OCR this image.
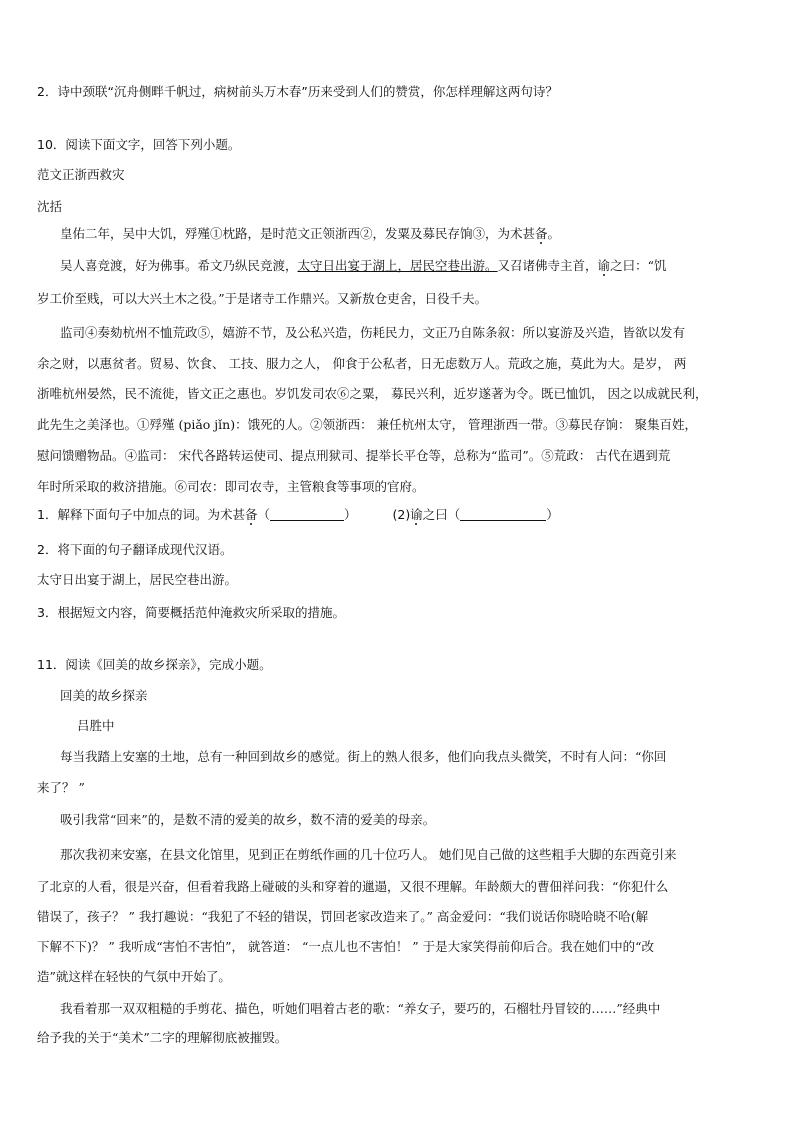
2．诗中颈联“沉舟侧畔千帆过，病树前头万木春”历来受到人们的赞赏，你怎样理解这两句诗？
10．阅读下面文字，回答下列小题。
范文正浙西救灾
沈括
皇佑二年，吴中大饥，殍殣①枕路，是时范文正领浙西②，发粟及募民存饷③，为术甚备。
吴人喜竞渡，好为佛事。希文乃纵民竞渡，太守日出宴于湖上，居民空巷出游。又召诸佛寺主首，谕之曰：“饥
岁工价至贱，可以大兴土木之役。”于是诸寺工作鼎兴。又新敖仓吏舍，日役千夫。
监司④奏劾杭州不恤荒政⑤，嬉游不节，及公私兴造，伤耗民力，文正乃自陈条叙：所以宴游及兴造，皆欲以发有
余之财，以惠贫者。贸易、饮食、 工技、服力之人， 仰食于公私者，日无虑数万人。荒政之施，莫此为大。是岁， 两
浙唯杭州晏然，民不流徙，皆文正之惠也。岁饥发司农⑥之粟， 募民兴利，近岁遂著为令。既已恤饥， 因之以成就民利，
此先生之美泽也。①殍殣 (piǎo jǐn)：饿死的人。②领浙西： 兼任杭州太守， 管理浙西一带。③募民存饷： 聚集百姓，
慰问馈赠物品。④监司： 宋代各路转运使司、提点刑狱司、提举长平仓等，总称为“监司”。⑤荒政： 古代在遇到荒
年时所采取的救济措施。⑥司农：即司农寺，主管粮食等事项的官府。
1．解释下面句子中加点的词。为术甚备（	）	(2)谕之曰（	）
2．将下面的句子翻译成现代汉语。
太守日出宴于湖上，居民空巷出游。
3．根据短文内容，简要概括范仲淹救灾所采取的措施。
11．阅读《回美的故乡探亲》，完成小题。
回美的故乡探亲
吕胜中
每当我踏上安塞的土地，总有一种回到故乡的感觉。街上的熟人很多，他们向我点头微笑，不时有人问：“你回
来了？ ”
吸引我常“回来”的，是数不清的爱美的故乡，数不清的爱美的母亲。
那次我初来安塞，在县文化馆里，见到正在剪纸作画的几十位巧人。 她们见自己做的这些粗手大脚的东西竟引来
了北京的人看，很是兴奋，但看着我路上碰破的头和穿着的邋遢，又很不理解。年龄颇大的曹佃祥问我：“你犯什么
错误了，孩子？ ” 我打趣说：“我犯了不轻的错误，罚回老家改造来了。” 高金爱问：“我们说话你晓哈晓不哈(解
下解不下)？ ” 我听成“害怕不害怕”， 就答道： “一点儿也不害怕！ ” 于是大家笑得前仰后合。我在她们中的“改
造”就这样在轻快的气氛中开始了。
我看着那一双双粗糙的手剪花、描色，听她们唱着古老的歌：“养女子，要巧的，石榴牡丹冒铰的……”经典中
给予我的关于“美术”二字的理解彻底被摧毁。
